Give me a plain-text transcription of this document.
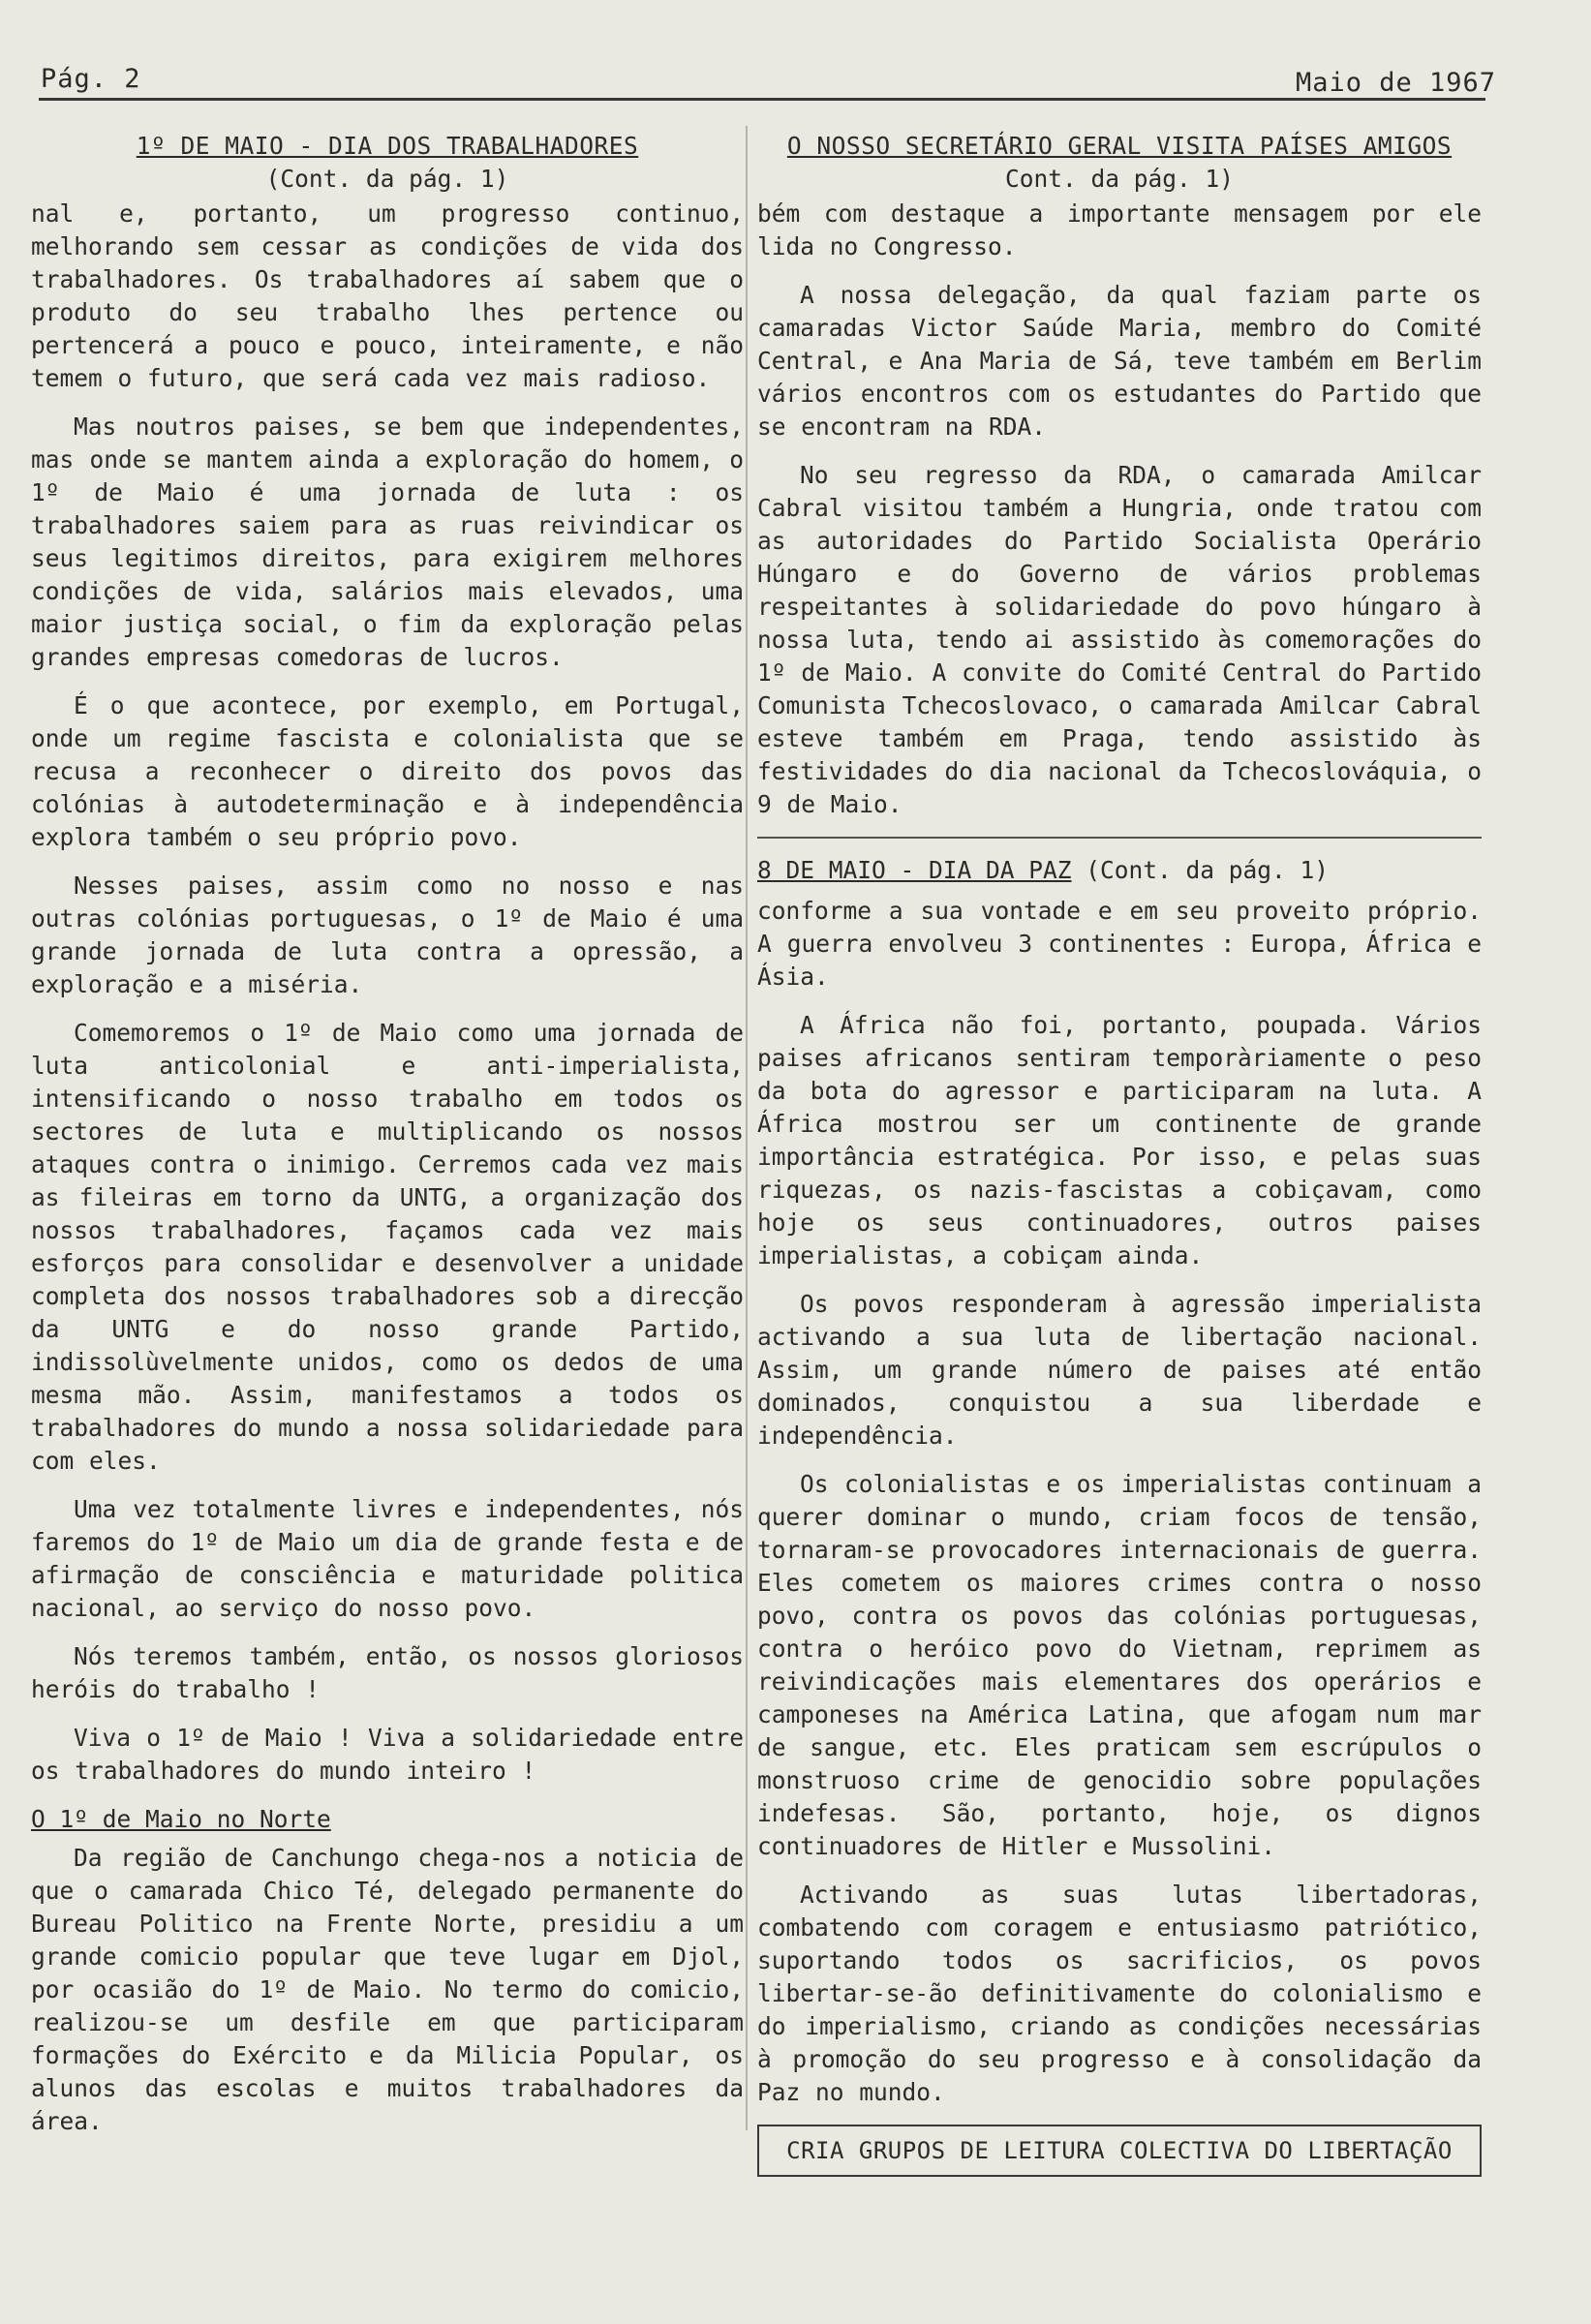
Pág. 2	Maio de 1967
1º DE MAIO - DIA DOS TRABALHADORES
(Cont. da pág. 1)

nal e, portanto, um progresso continuo, melhorando sem cessar as condições de vida dos trabalhadores. Os trabalhadores aí sabem que o produto do seu trabalho lhes pertence ou pertencerá a pouco e pouco, inteiramente, e não temem o futuro, que será cada vez mais radioso.

Mas noutros paises, se bem que independentes, mas onde se mantem ainda a exploração do homem, o 1º de Maio é uma jornada de luta : os trabalhadores saiem para as ruas reivindicar os seus legitimos direitos, para exigirem melhores condições de vida, salários mais elevados, uma maior justiça social, o fim da exploração pelas grandes empresas comedoras de lucros.

É o que acontece, por exemplo, em Portugal, onde um regime fascista e colonialista que se recusa a reconhecer o direito dos povos das colónias à autodeterminação e à independência explora também o seu próprio povo.

Nesses paises, assim como no nosso e nas outras colónias portuguesas, o 1º de Maio é uma grande jornada de luta contra a opressão, a exploração e a miséria.

Comemoremos o 1º de Maio como uma jornada de luta anticolonial e anti-imperialista, intensificando o nosso trabalho em todos os sectores de luta e multiplicando os nossos ataques contra o inimigo. Cerremos cada vez mais as fileiras em torno da UNTG, a organização dos nossos trabalhadores, façamos cada vez mais esforços para consolidar e desenvolver a unidade completa dos nossos trabalhadores sob a direcção da UNTG e do nosso grande Partido, indissolùvelmente unidos, como os dedos de uma mesma mão. Assim, manifestamos a todos os trabalhadores do mundo a nossa solidariedade para com eles.

Uma vez totalmente livres e independentes, nós faremos do 1º de Maio um dia de grande festa e de afirmação de consciência e maturidade politica nacional, ao serviço do nosso povo.

Nós teremos também, então, os nossos gloriosos heróis do trabalho !

Viva o 1º de Maio ! Viva a solidariedade entre os trabalhadores do mundo inteiro !

O 1º de Maio no Norte

Da região de Canchungo chega-nos a noticia de que o camarada Chico Té, delegado permanente do Bureau Politico na Frente Norte, presidiu a um grande comicio popular que teve lugar em Djol, por ocasião do 1º de Maio. No termo do comicio, realizou-se um desfile em que participaram formações do Exército e da Milicia Popular, os alunos das escolas e muitos trabalhadores da área.

O NOSSO SECRETÁRIO GERAL VISITA PAÍSES AMIGOS
Cont. da pág. 1)

bém com destaque a importante mensagem por ele lida no Congresso.

A nossa delegação, da qual faziam parte os camaradas Victor Saúde Maria, membro do Comité Central, e Ana Maria de Sá, teve também em Berlim vários encontros com os estudantes do Partido que se encontram na RDA.

No seu regresso da RDA, o camarada Amilcar Cabral visitou também a Hungria, onde tratou com as autoridades do Partido Socialista Operário Húngaro e do Governo de vários problemas respeitantes à solidariedade do povo húngaro à nossa luta, tendo ai assistido às comemorações do 1º de Maio. A convite do Comité Central do Partido Comunista Tchecoslovaco, o camarada Amilcar Cabral esteve também em Praga, tendo assistido às festividades do dia nacional da Tchecoslováquia, o 9 de Maio.

8 DE MAIO - DIA DA PAZ (Cont. da pág. 1)

conforme a sua vontade e em seu proveito próprio. A guerra envolveu 3 continentes : Europa, África e Ásia.

A África não foi, portanto, poupada. Vários paises africanos sentiram temporàriamente o peso da bota do agressor e participaram na luta. A África mostrou ser um continente de grande importância estratégica. Por isso, e pelas suas riquezas, os nazis-fascistas a cobiçavam, como hoje os seus continuadores, outros paises imperialistas, a cobiçam ainda.

Os povos responderam à agressão imperialista activando a sua luta de libertação nacional. Assim, um grande número de paises até então dominados, conquistou a sua liberdade e independência.

Os colonialistas e os imperialistas continuam a querer dominar o mundo, criam focos de tensão, tornaram-se provocadores internacionais de guerra. Eles cometem os maiores crimes contra o nosso povo, contra os povos das colónias portuguesas, contra o heróico povo do Vietnam, reprimem as reivindicações mais elementares dos operários e camponeses na América Latina, que afogam num mar de sangue, etc. Eles praticam sem escrúpulos o monstruoso crime de genocidio sobre populações indefesas. São, portanto, hoje, os dignos continuadores de Hitler e Mussolini.

Activando as suas lutas libertadoras, combatendo com coragem e entusiasmo patriótico, suportando todos os sacrificios, os povos libertar-se-ão definitivamente do colonialismo e do imperialismo, criando as condições necessárias à promoção do seu progresso e à consolidação da Paz no mundo.

CRIA GRUPOS DE LEITURA COLECTIVA DO LIBERTAÇÃO
